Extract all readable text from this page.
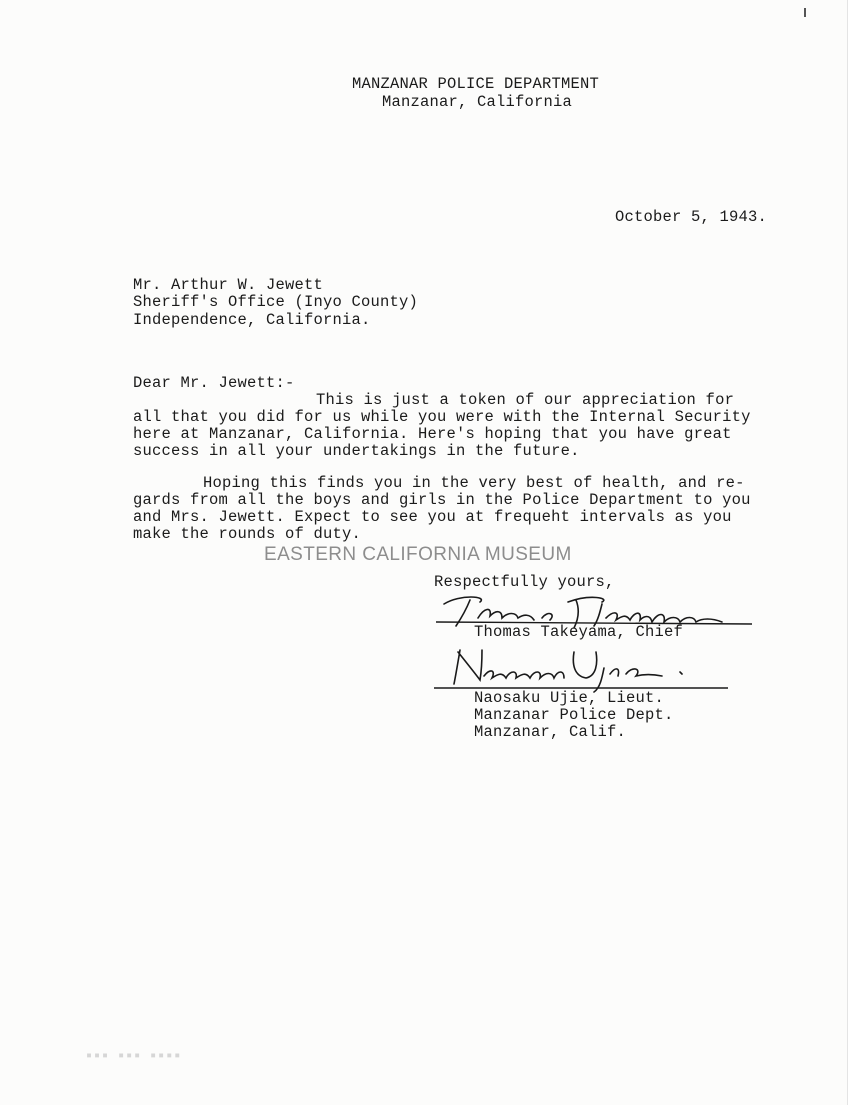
MANZANAR POLICE DEPARTMENT
Manzanar, California
October 5, 1943.
Mr. Arthur W. Jewett
Sheriff's Office (Inyo County)
Independence, California.
Dear Mr. Jewett:-
This is just a token of our appreciation for
all that you did for us while you were with the Internal Security
here at Manzanar, California. Here's hoping that you have great
success in all your undertakings in the future.
Hoping this finds you in the very best of health, and re-
gards from all the boys and girls in the Police Department to you
and Mrs. Jewett. Expect to see you at frequeht intervals as you
make the rounds of duty.
EASTERN CALIFORNIA MUSEUM
Respectfully yours,
Thomas Takeyama, Chief
Naosaku Ujie, Lieut.
Manzanar Police Dept.
Manzanar, Calif.
▪▪▪ ▪▪▪ ▪▪▪▪
